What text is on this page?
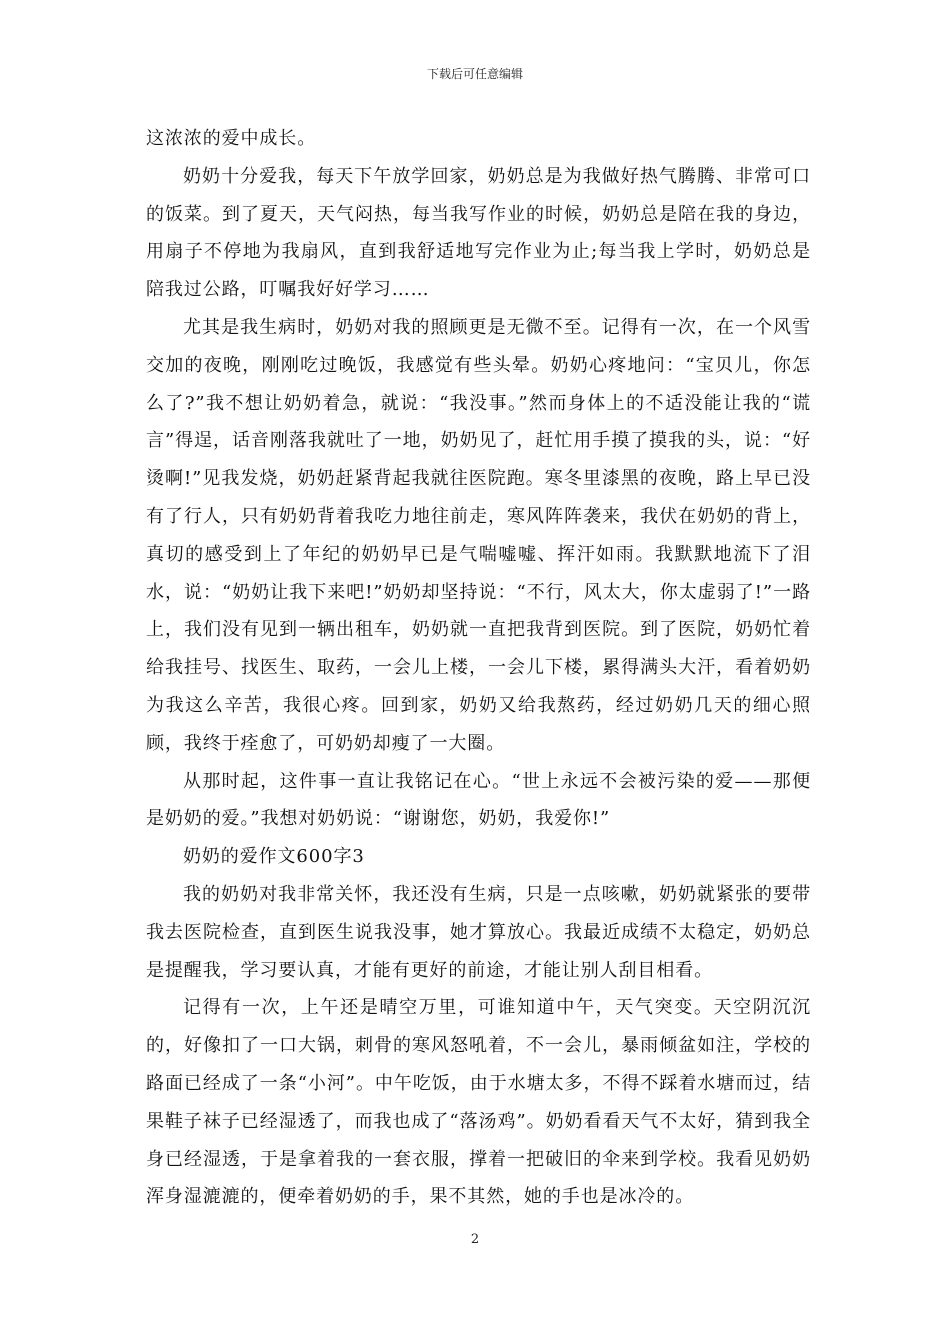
下载后可任意编辑

这浓浓的爱中成长。

奶奶十分爱我，每天下午放学回家，奶奶总是为我做好热气腾腾、非常可口的饭菜。到了夏天，天气闷热，每当我写作业的时候，奶奶总是陪在我的身边，用扇子不停地为我扇风，直到我舒适地写完作业为止;每当我上学时，奶奶总是陪我过公路，叮嘱我好好学习……

尤其是我生病时，奶奶对我的照顾更是无微不至。记得有一次，在一个风雪交加的夜晚，刚刚吃过晚饭，我感觉有些头晕。奶奶心疼地问：“宝贝儿，你怎么了?”我不想让奶奶着急，就说：“我没事。”然而身体上的不适没能让我的“谎言”得逞，话音刚落我就吐了一地，奶奶见了，赶忙用手摸了摸我的头，说：“好烫啊!”见我发烧，奶奶赶紧背起我就往医院跑。寒冬里漆黑的夜晚，路上早已没有了行人，只有奶奶背着我吃力地往前走，寒风阵阵袭来，我伏在奶奶的背上，真切的感受到上了年纪的奶奶早已是气喘嘘嘘、挥汗如雨。我默默地流下了泪水，说：“奶奶让我下来吧!”奶奶却坚持说：“不行，风太大，你太虚弱了!”一路上，我们没有见到一辆出租车，奶奶就一直把我背到医院。到了医院，奶奶忙着给我挂号、找医生、取药，一会儿上楼，一会儿下楼，累得满头大汗，看着奶奶为我这么辛苦，我很心疼。回到家，奶奶又给我熬药，经过奶奶几天的细心照顾，我终于痊愈了，可奶奶却瘦了一大圈。

从那时起，这件事一直让我铭记在心。“世上永远不会被污染的爱——那便是奶奶的爱。”我想对奶奶说：“谢谢您，奶奶，我爱你!”

奶奶的爱作文600字3

我的奶奶对我非常关怀，我还没有生病，只是一点咳嗽，奶奶就紧张的要带我去医院检查，直到医生说我没事，她才算放心。我最近成绩不太稳定，奶奶总是提醒我，学习要认真，才能有更好的前途，才能让别人刮目相看。

记得有一次，上午还是晴空万里，可谁知道中午，天气突变。天空阴沉沉的，好像扣了一口大锅，刺骨的寒风怒吼着，不一会儿，暴雨倾盆如注，学校的路面已经成了一条“小河”。中午吃饭，由于水塘太多，不得不踩着水塘而过，结果鞋子袜子已经湿透了，而我也成了“落汤鸡”。奶奶看看天气不太好，猜到我全身已经湿透，于是拿着我的一套衣服，撑着一把破旧的伞来到学校。我看见奶奶浑身湿漉漉的，便牵着奶奶的手，果不其然，她的手也是冰冷的。

2
